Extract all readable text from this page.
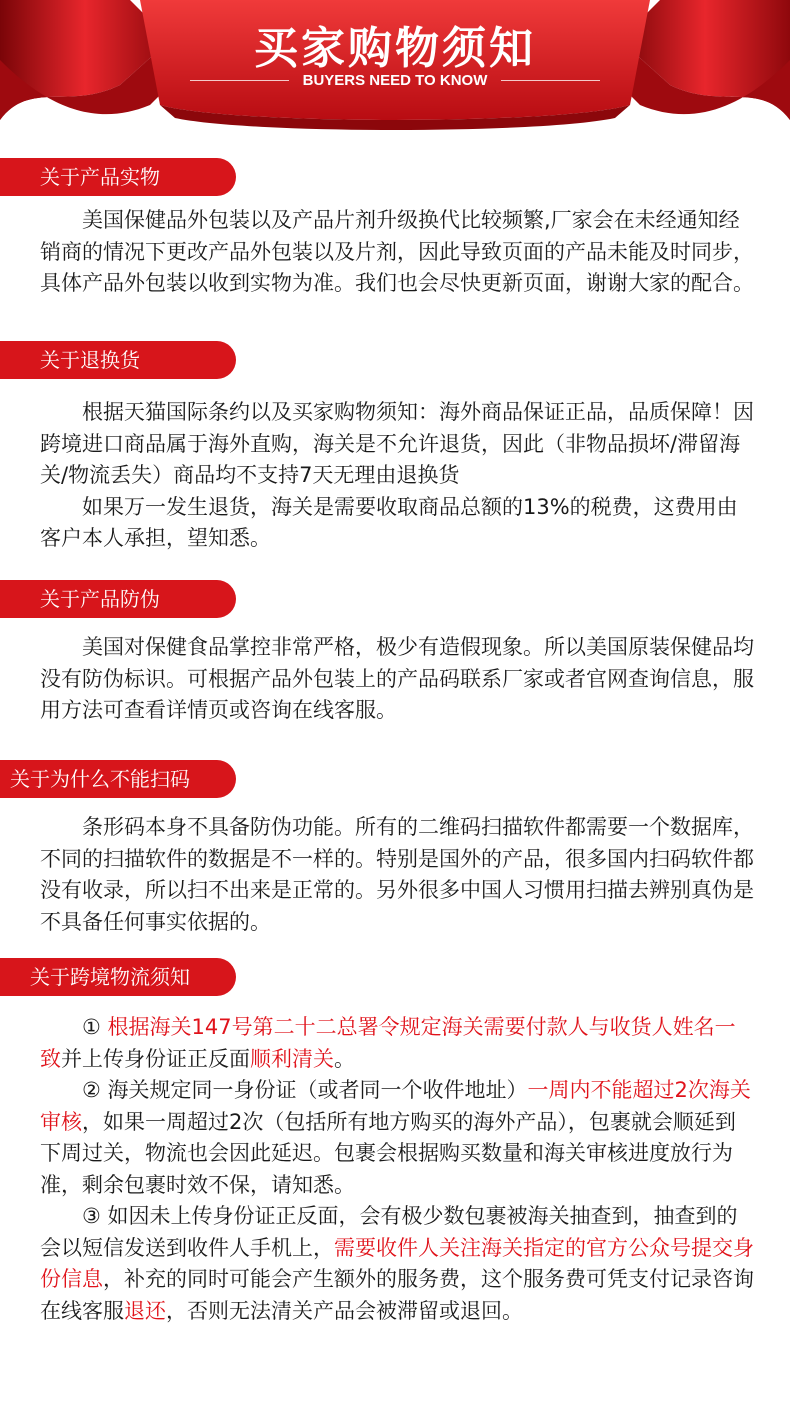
买家购物须知
BUYERS NEED TO KNOW
关于产品实物

美国保健品外包装以及产品片剂升级换代比较频繁,厂家会在未经通知经销商的情况下更改产品外包装以及片剂，因此导致页面的产品未能及时同步，具体产品外包装以收到实物为准。我们也会尽快更新页面，谢谢大家的配合。

关于退换货

根据天猫国际条约以及买家购物须知：海外商品保证正品，品质保障！因跨境进口商品属于海外直购，海关是不允许退货，因此（非物品损坏/滞留海关/物流丢失）商品均不支持7天无理由退换货

如果万一发生退货，海关是需要收取商品总额的13%的税费，这费用由客户本人承担，望知悉。

关于产品防伪

美国对保健食品掌控非常严格，极少有造假现象。所以美国原装保健品均没有防伪标识。可根据产品外包装上的产品码联系厂家或者官网查询信息，服用方法可查看详情页或咨询在线客服。

关于为什么不能扫码

条形码本身不具备防伪功能。所有的二维码扫描软件都需要一个数据库，不同的扫描软件的数据是不一样的。特别是国外的产品，很多国内扫码软件都没有收录，所以扫不出来是正常的。另外很多中国人习惯用扫描去辨别真伪是不具备任何事实依据的。

关于跨境物流须知

① 根据海关147号第二十二总署令规定海关需要付款人与收货人姓名一致并上传身份证正反面顺利清关。

② 海关规定同一身份证（或者同一个收件地址）一周内不能超过2次海关审核，如果一周超过2次（包括所有地方购买的海外产品），包裹就会顺延到下周过关，物流也会因此延迟。包裹会根据购买数量和海关审核进度放行为准，剩余包裹时效不保，请知悉。

③ 如因未上传身份证正反面，会有极少数包裹被海关抽查到，抽查到的会以短信发送到收件人手机上，需要收件人关注海关指定的官方公众号提交身份信息，补充的同时可能会产生额外的服务费，这个服务费可凭支付记录咨询在线客服退还，否则无法清关产品会被滞留或退回。
